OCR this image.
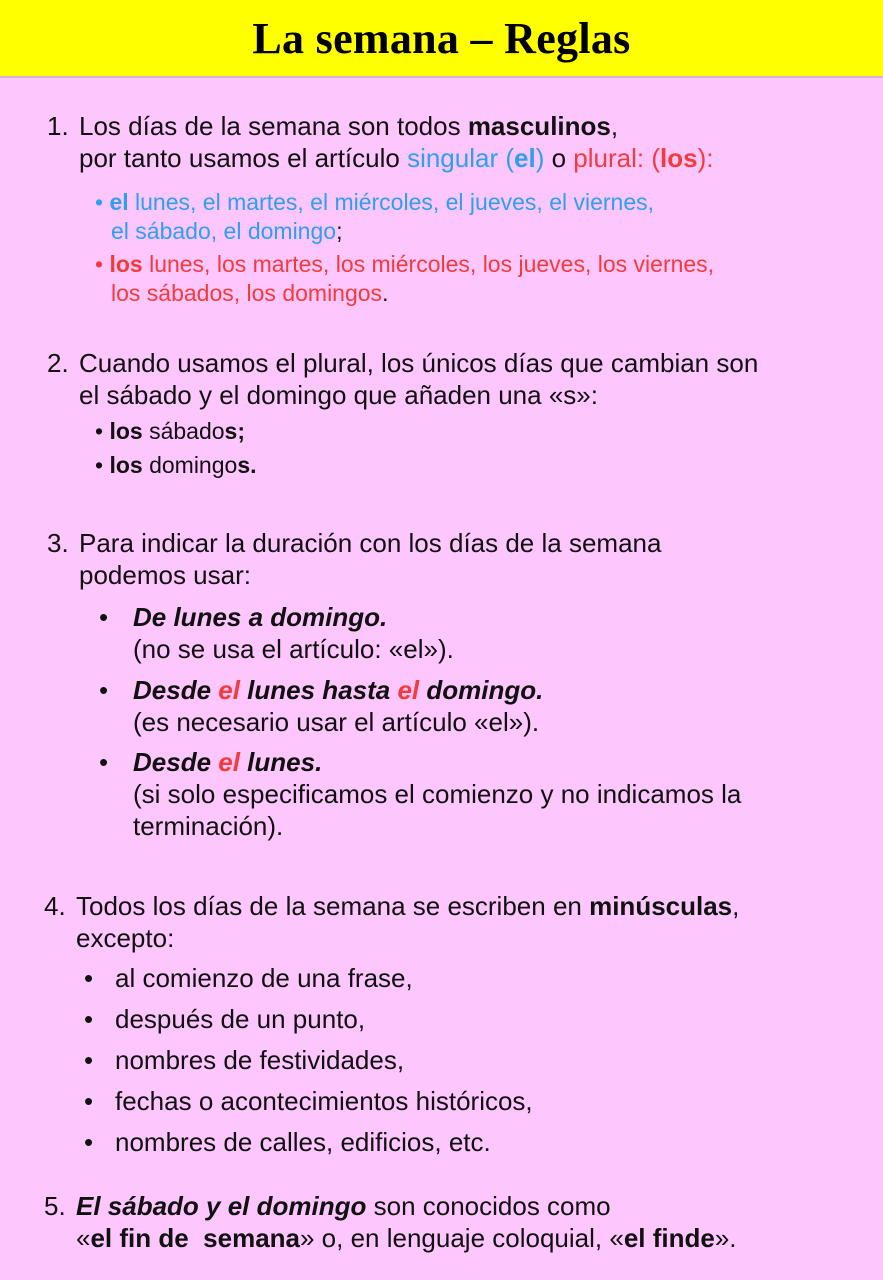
La semana – Reglas
1. Los días de la semana son todos masculinos,
por tanto usamos el artículo singular (el) o plural: (los):
• el lunes, el martes, el miércoles, el jueves, el viernes,
el sábado, el domingo;
• los lunes, los martes, los miércoles, los jueves, los viernes,
los sábados, los domingos.
2. Cuando usamos el plural, los únicos días que cambian son
el sábado y el domingo que añaden una «s»:
• los sábados;
• los domingos.
3. Para indicar la duración con los días de la semana
podemos usar:
• De lunes a domingo.
(no se usa el artículo: «el»).
• Desde el lunes hasta el domingo.
(es necesario usar el artículo «el»).
• Desde el lunes.
(si solo especificamos el comienzo y no indicamos la
terminación).
4. Todos los días de la semana se escriben en minúsculas,
excepto:
• al comienzo de una frase,
• después de un punto,
• nombres de festividades,
• fechas o acontecimientos históricos,
• nombres de calles, edificios, etc.
5. El sábado y el domingo son conocidos como
«el fin de  semana» o, en lenguaje coloquial, «el finde».
